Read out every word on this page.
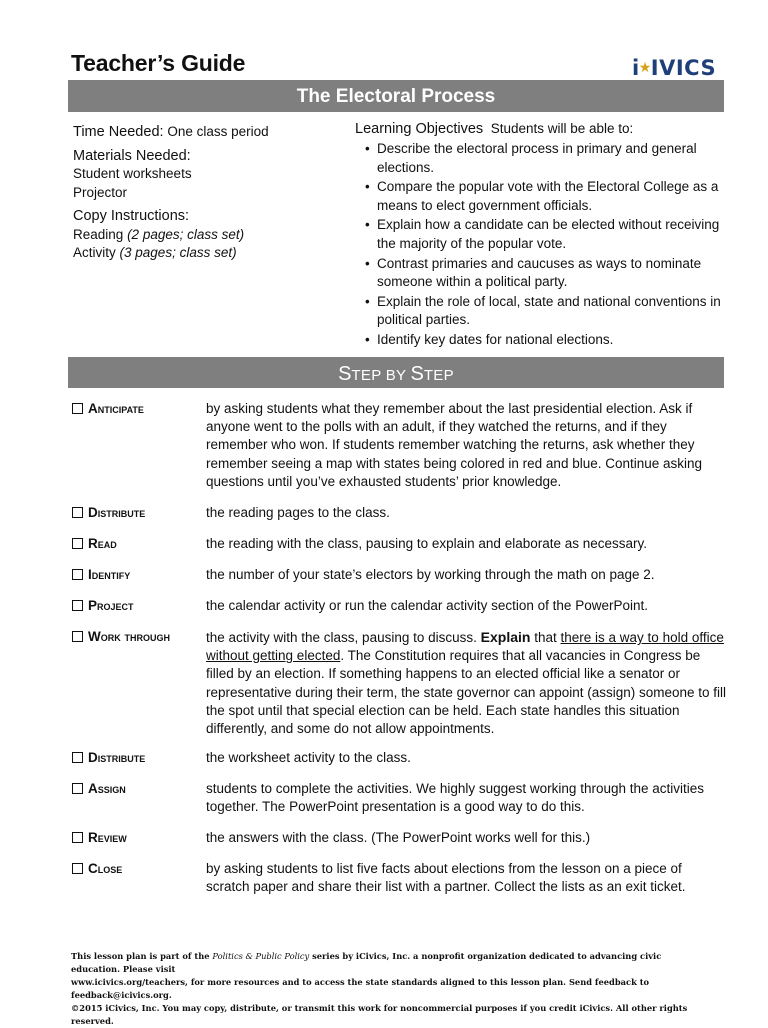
Teacher’s Guide	i★IVICS
The Electoral Process
Time Needed: One class period
Materials Needed:
Student worksheets
Projector
Copy Instructions:
Reading (2 pages; class set)
Activity (3 pages; class set)
Learning Objectives Students will be able to:
• Describe the electoral process in primary and general elections.
• Compare the popular vote with the Electoral College as a means to elect government officials.
• Explain how a candidate can be elected without receiving the majority of the popular vote.
• Contrast primaries and caucuses as ways to nominate someone within a political party.
• Explain the role of local, state and national conventions in political parties.
• Identify key dates for national elections.
STEP BY STEP
Anticipate	by asking students what they remember about the last presidential election. Ask if anyone went to the polls with an adult, if they watched the returns, and if they remember who won. If students remember watching the returns, ask whether they remember seeing a map with states being colored in red and blue. Continue asking questions until you’ve exhausted students’ prior knowledge.
Distribute	the reading pages to the class.
Read	the reading with the class, pausing to explain and elaborate as necessary.
Identify	the number of your state’s electors by working through the math on page 2.
Project	the calendar activity or run the calendar activity section of the PowerPoint.
Work through	the activity with the class, pausing to discuss. Explain that there is a way to hold office without getting elected. The Constitution requires that all vacancies in Congress be filled by an election. If something happens to an elected official like a senator or representative during their term, the state governor can appoint (assign) someone to fill the spot until that special election can be held. Each state handles this situation differently, and some do not allow appointments.
Distribute	the worksheet activity to the class.
Assign	students to complete the activities. We highly suggest working through the activities together. The PowerPoint presentation is a good way to do this.
Review	the answers with the class. (The PowerPoint works well for this.)
Close	by asking students to list five facts about elections from the lesson on a piece of scratch paper and share their list with a partner. Collect the lists as an exit ticket.
This lesson plan is part of the Politics & Public Policy series by iCivics, Inc. a nonprofit organization dedicated to advancing civic education. Please visit
www.icivics.org/teachers, for more resources and to access the state standards aligned to this lesson plan. Send feedback to feedback@icivics.org.
©2015 iCivics, Inc. You may copy, distribute, or transmit this work for noncommercial purposes if you credit iCivics. All other rights reserved.
